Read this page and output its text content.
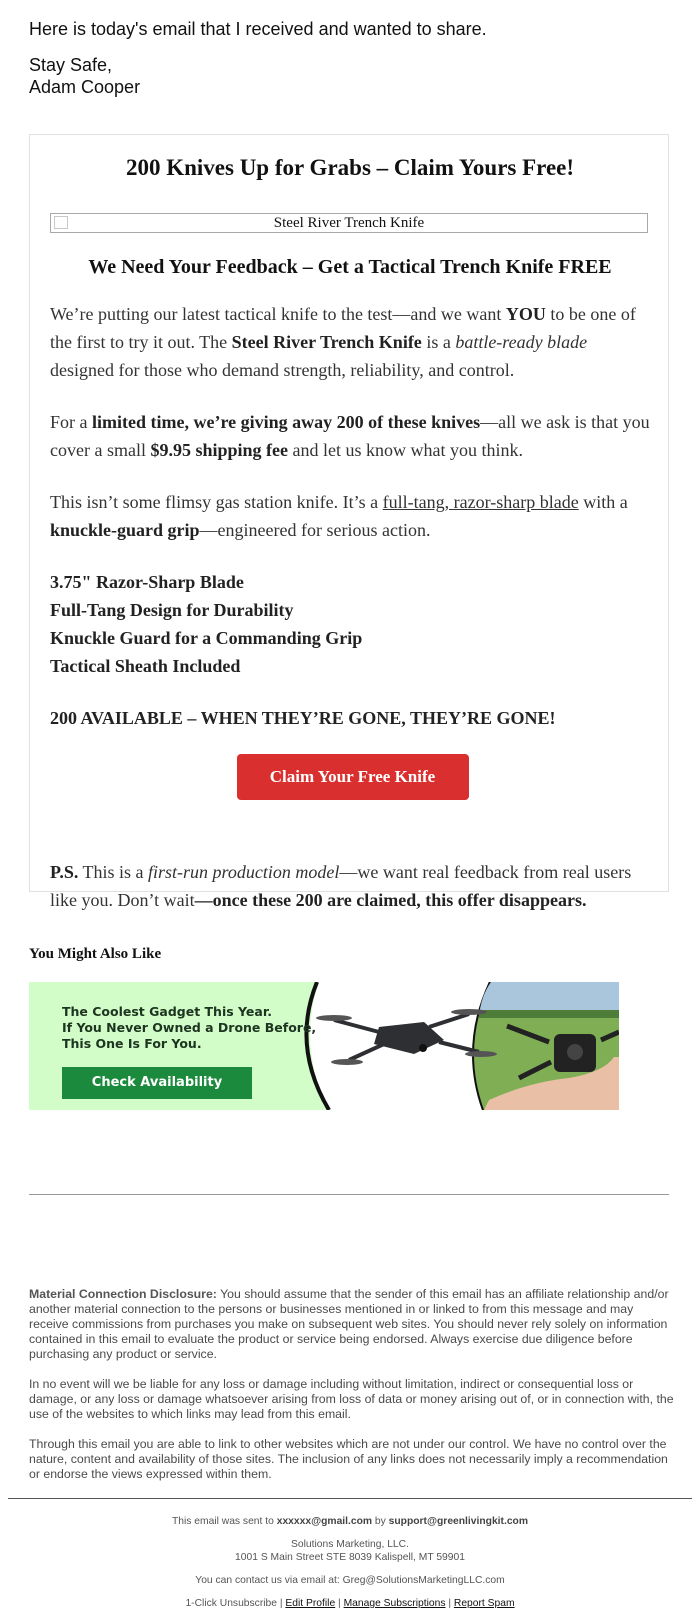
Here is today's email that I received and wanted to share.

Stay Safe,

Adam Cooper

200 Knives Up for Grabs – Claim Yours Free!
Steel River Trench Knife
We Need Your Feedback – Get a Tactical Trench Knife FREE

We’re putting our latest tactical knife to the test—and we want YOU to be one of the first to try it out. The Steel River Trench Knife is a battle-ready blade designed for those who demand strength, reliability, and control.

For a limited time, we’re giving away 200 of these knives—all we ask is that you cover a small $9.95 shipping fee and let us know what you think.

This isn’t some flimsy gas station knife. It’s a full-tang, razor-sharp blade with a knuckle-guard grip—engineered for serious action.

3.75" Razor-Sharp Blade
Full-Tang Design for Durability
Knuckle Guard for a Commanding Grip
Tactical Sheath Included
200 AVAILABLE – WHEN THEY’RE GONE, THEY’RE GONE!
Claim Your Free Knife Now

P.S. This is a first-run production model—we want real feedback from real users like you. Don’t wait—once these 200 are claimed, this offer disappears.

You Might Also Like
The Coolest Gadget This Year.
If You Never Owned a Drone Before,
This One Is For You.
Check Availability

Material Connection Disclosure: You should assume that the sender of this email has an affiliate relationship and/or another material connection to the persons or businesses mentioned in or linked to from this message and may receive commissions from purchases you make on subsequent web sites. You should never rely solely on information contained in this email to evaluate the product or service being endorsed. Always exercise due diligence before purchasing any product or service.

In no event will we be liable for any loss or damage including without limitation, indirect or consequential loss or damage, or any loss or damage whatsoever arising from loss of data or money arising out of, or in connection with, the use of the websites to which links may lead from this email.

Through this email you are able to link to other websites which are not under our control. We have no control over the nature, content and availability of those sites. The inclusion of any links does not necessarily imply a recommendation or endorse the views expressed within them.

This email was sent to xxxxxx@gmail.com by support@greenlivingkit.com
Solutions Marketing, LLC.
1001 S Main Street STE 8039 Kalispell, MT 59901
You can contact us via email at: Greg@SolutionsMarketingLLC.com
1-Click Unsubscribe | Edit Profile | Manage Subscriptions | Report Spam
